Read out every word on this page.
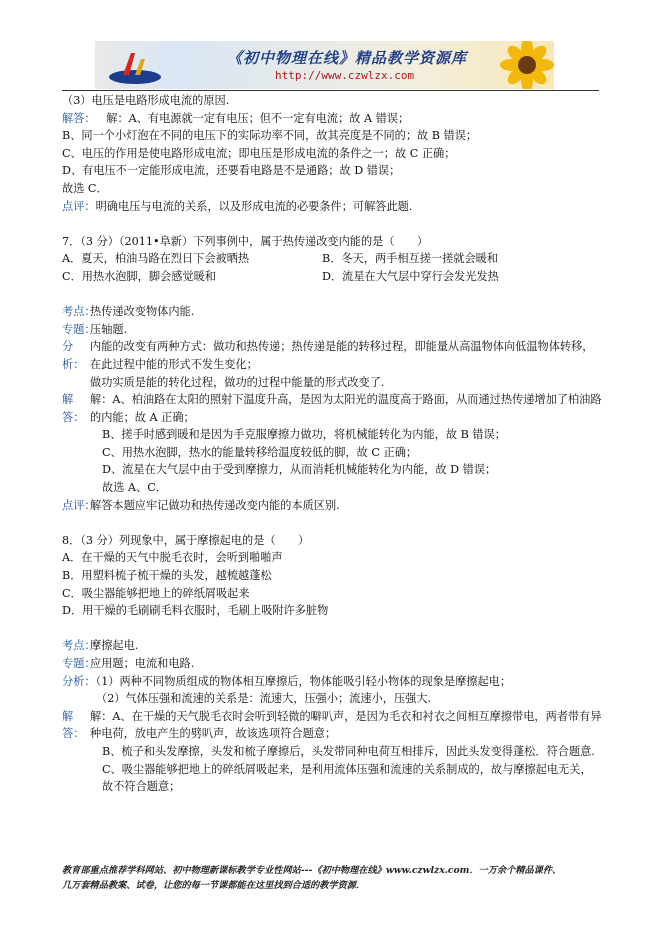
《初中物理在线》精品教学资源库
http://www.czwlzx.com
（3）电压是电路形成电流的原因.
解答： 解：A、有电源就一定有电压；但不一定有电流；故 A 错误；
B、同一个小灯泡在不同的电压下的实际功率不同，故其亮度是不同的；故 B 错误；
C、电压的作用是使电路形成电流；即电压是形成电流的条件之一；故 C 正确；
D、有电压不一定能形成电流，还要看电路是不是通路；故 D 错误；
故选 C．
点评：明确电压与电流的关系，以及形成电流的必要条件；可解答此题.
7．（3 分）（2011•阜新）下列事例中，属于热传递改变内能的是（　　）
A．夏天，柏油马路在烈日下会被晒热	B．冬天，两手相互搓一搓就会暖和
C．用热水泡脚，脚会感觉暖和	D．流星在大气层中穿行会发光发热
考点：
热传递改变物体内能.
专题：
压轴题.
分析：
内能的改变有两种方式：做功和热传递；热传递是能的转移过程，即能量从高温物体向低温物体转移，在此过程中能的形式不发生变化；
做功实质是能的转化过程，做功的过程中能量的形式改变了.
解答：
解：A、柏油路在太阳的照射下温度升高，是因为太阳光的温度高于路面，从而通过热传递增加了柏油路的内能；故 A 正确；
B、搓手时感到暖和是因为手克服摩擦力做功，将机械能转化为内能，故 B 错误；
C、用热水泡脚，热水的能量转移给温度较低的脚，故 C 正确；
D、流星在大气层中由于受到摩擦力，从而消耗机械能转化为内能，故 D 错误；
故选 A、C．
点评：
解答本题应牢记做功和热传递改变内能的本质区别.
8．（3 分）列现象中，属于摩擦起电的是（　　）
A．在干燥的天气中脱毛衣时，会听到啪啪声
B．用塑料梳子梳干燥的头发，越梳越蓬松
C．吸尘器能够把地上的碎纸屑吸起来
D．用干燥的毛刷刷毛料衣服时，毛刷上吸附许多脏物
考点：
摩擦起电.
专题：
应用题；电流和电路.
分析：
（1）两种不同物质组成的物体相互摩擦后，物体能吸引轻小物体的现象是摩擦起电；
（2）气体压强和流速的关系是：流速大，压强小；流速小，压强大.
解答：
解：A、在干燥的天气脱毛衣时会听到轻微的噼叭声，是因为毛衣和衬衣之间相互摩擦带电，两者带有异种电荷，放电产生的劈叭声，故该选项符合题意；
B、梳子和头发摩擦，头发和梳子摩擦后，头发带同种电荷互相排斥，因此头发变得蓬松．符合题意.
C、吸尘器能够把地上的碎纸屑吸起来，是利用流体压强和流速的关系制成的，故与摩擦起电无关，故不符合题意；
教育部重点推荐学科网站、初中物理新课标教学专业性网站---《初中物理在线》www.czwlzx.com．一万余个精品课件、
几万套精品教案、试卷，让您的每一节课都能在这里找到合适的教学资源．
